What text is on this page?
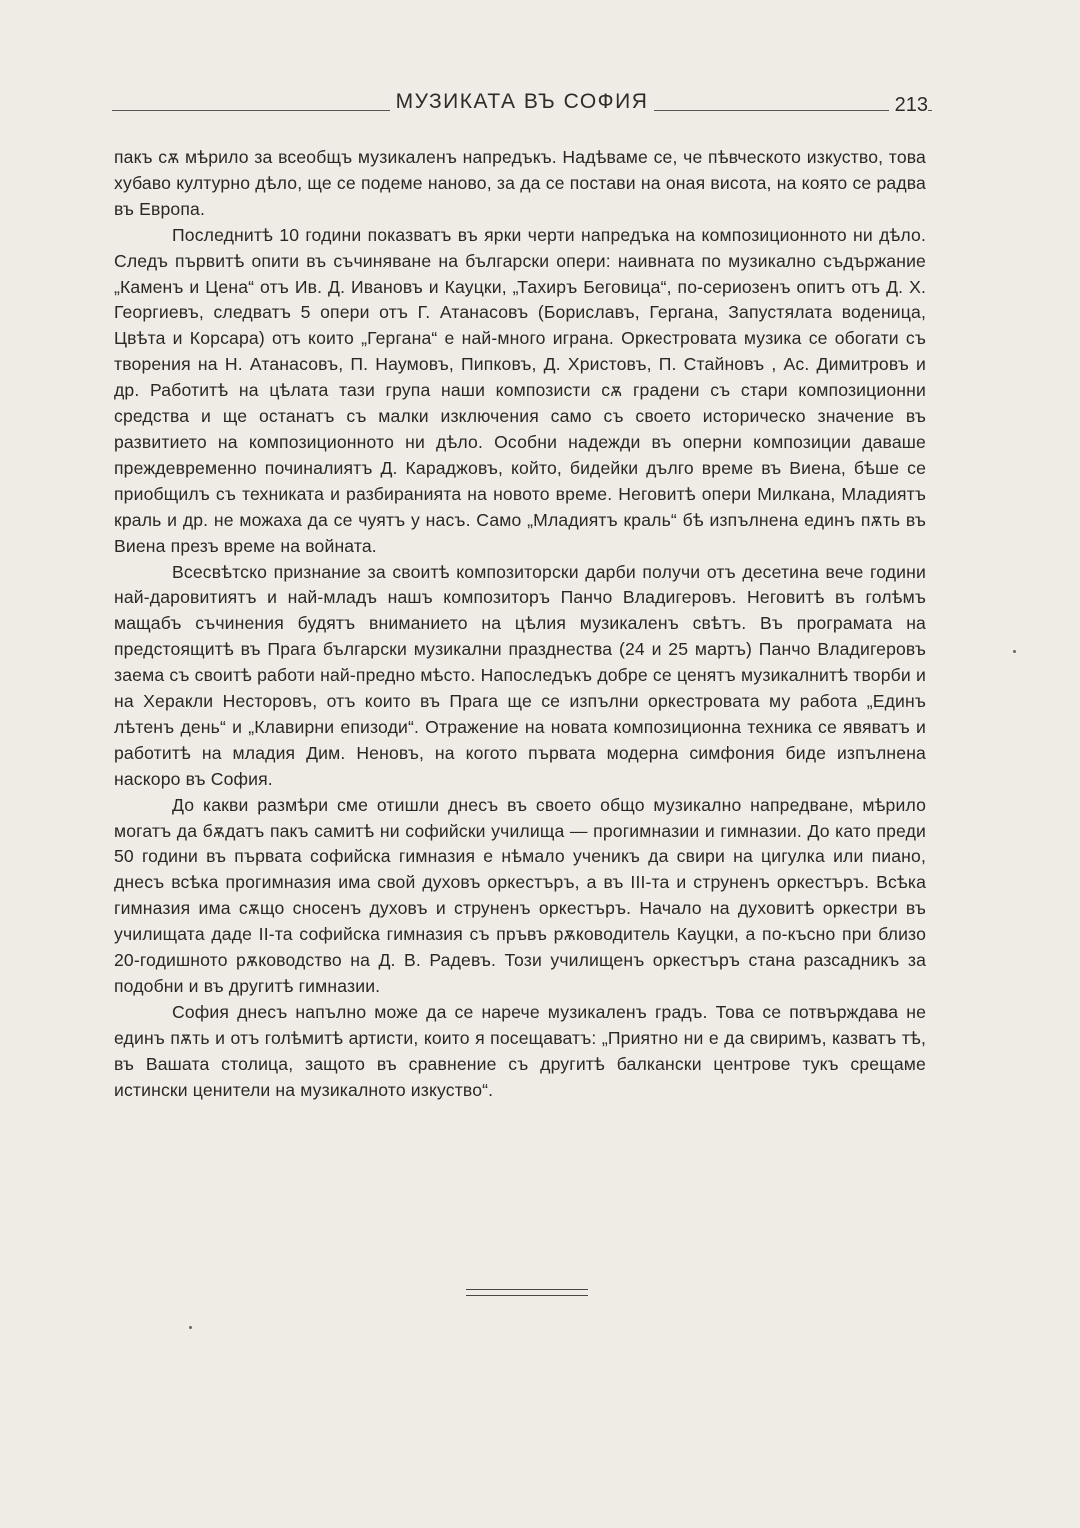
МУЗИКАТА ВЪ СОФИЯ	213

пакъ сѫ мѣрило за всеобщъ музикаленъ напредъкъ. Надѣваме се, че пѣвческото изкуство, това хубаво културно дѣло, ще се подеме наново, за да се постави на оная висота, на която се радва въ Европа.

Последнитѣ 10 години показватъ въ ярки черти напредъка на композиционното ни дѣло. Следъ първитѣ опити въ съчиняване на български опери: наивната по музикално съдържание „Каменъ и Цена“ отъ Ив. Д. Ивановъ и Кауцки, „Тахиръ Беговица“, по-сериозенъ опитъ отъ Д. Х. Георгиевъ, следватъ 5 опери отъ Г. Атанасовъ (Бориславъ, Гергана, Запустялата воденица, Цвѣта и Корсара) отъ които „Гергана“ е най-много играна. Оркестровата музика се обогати съ творения на Н. Атанасовъ, П. Наумовъ, Пипковъ, Д. Христовъ, П. Стайновъ , Ас. Димитровъ и др. Работитѣ на цѣлата тази група наши композисти сѫ градени съ стари композиционни средства и ще останатъ съ малки изключения само съ своето историческо значение въ развитието на композиционното ни дѣло. Особни надежди въ оперни композиции даваше преждевременно починалиятъ Д. Караджовъ, който, бидейки дълго време въ Виена, бѣше се приобщилъ съ техниката и разбиранията на новото време. Неговитѣ опери Милкана, Младиятъ краль и др. не можаха да се чуятъ у насъ. Само „Младиятъ краль“ бѣ изпълнена единъ пѫть въ Виена презъ време на войната.

Всесвѣтско признание за своитѣ композиторски дарби получи отъ десетина вече години най-даровитиятъ и най-младъ нашъ композиторъ Панчо Владигеровъ. Неговитѣ въ голѣмъ мащабъ съчинения будятъ вниманието на цѣлия музикаленъ свѣтъ. Въ програмата на предстоящитѣ въ Прага български музикални празднества (24 и 25 мартъ) Панчо Владигеровъ заема съ своитѣ работи най-предно мѣсто. Напоследъкъ добре се ценятъ музикалнитѣ творби и на Херакли Несторовъ, отъ които въ Прага ще се изпълни оркестровата му работа „Единъ лѣтенъ день“ и „Клавирни епизоди“. Отражение на новата композиционна техника се явяватъ и работитѣ на младия Дим. Неновъ, на когото първата модерна симфония биде изпълнена наскоро въ София.

До какви размѣри сме отишли днесъ въ своето общо музикално напредване, мѣрило могатъ да бѫдатъ пакъ самитѣ ни софийски училища — прогимназии и гимназии. До като преди 50 години въ първата софийска гимназия е нѣмало ученикъ да свири на цигулка или пиано, днесъ всѣка прогимназия има свой духовъ оркестъръ, а въ III-та и струненъ оркестъръ. Всѣка гимназия има сѫщо сносенъ духовъ и струненъ оркестъръ. Начало на духовитѣ оркестри въ училищата даде II-та софийска гимназия съ пръвъ рѫководитель Кауцки, а по-късно при близо 20-годишното рѫководство на Д. В. Радевъ. Този училищенъ оркестъръ стана разсадникъ за подобни и въ другитѣ гимназии.

София днесъ напълно може да се нарече музикаленъ градъ. Това се потвърждава не единъ пѫть и отъ голѣмитѣ артисти, които я посещаватъ: „Приятно ни е да свиримъ, казватъ тѣ, въ Вашата столица, защото въ сравнение съ другитѣ балкански центрове тукъ срещаме истински ценители на музикалното изкуство“.
